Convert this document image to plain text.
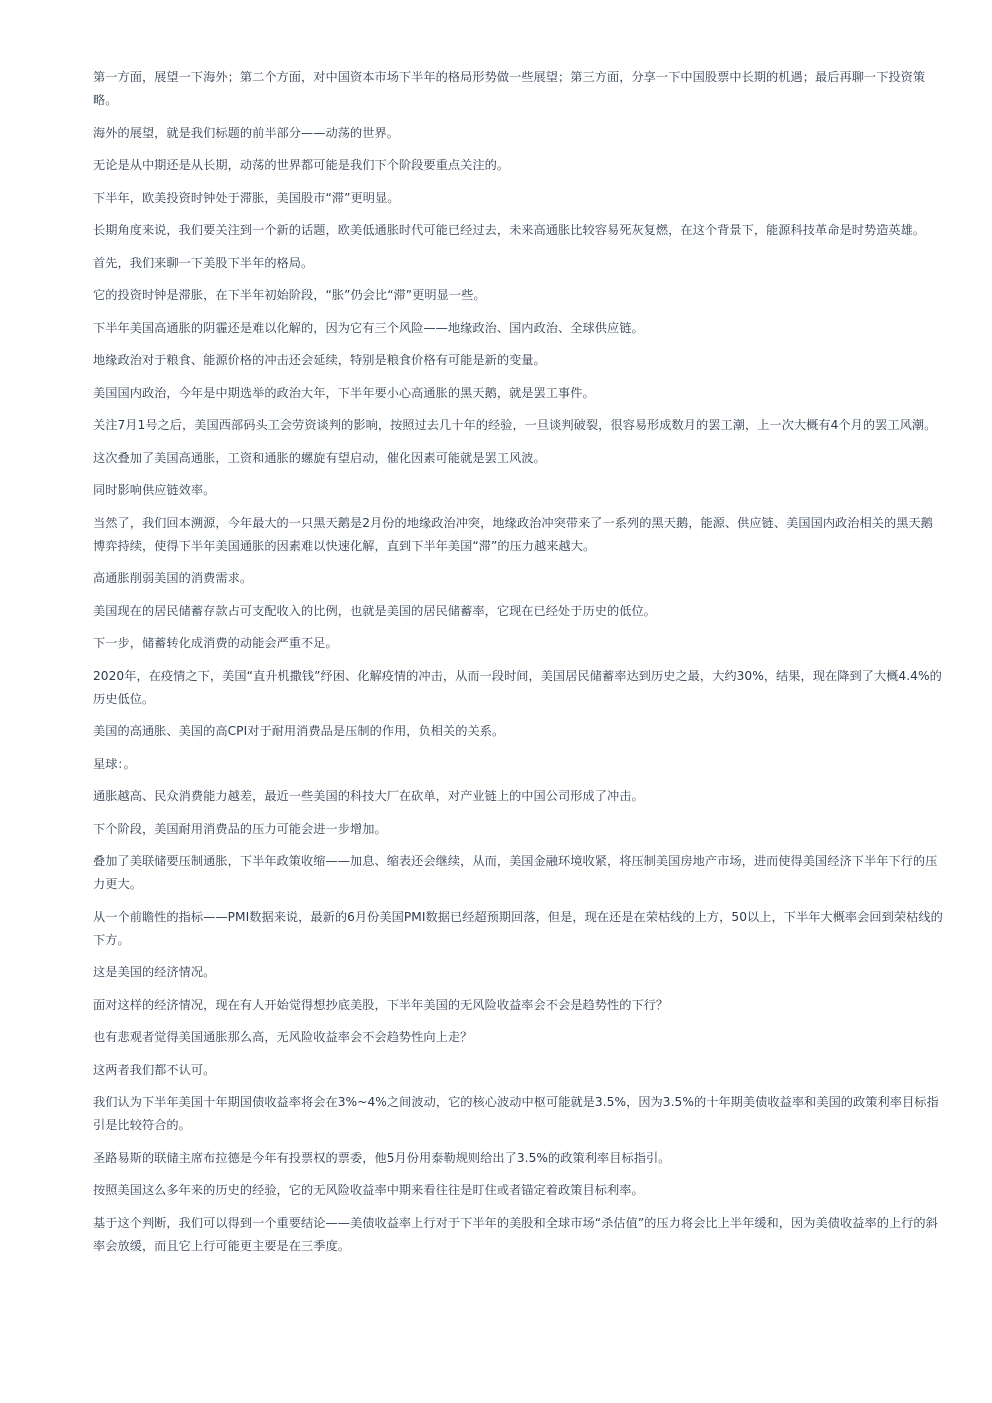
第一方面，展望一下海外；第二个方面，对中国资本市场下半年的格局形势做一些展望；第三方面，分享一下中国股票中长期的机遇；最后再聊一下投资策略。

海外的展望，就是我们标题的前半部分——动荡的世界。

无论是从中期还是从长期，动荡的世界都可能是我们下个阶段要重点关注的。

下半年，欧美投资时钟处于滞胀，美国股市“滞”更明显。

长期角度来说，我们要关注到一个新的话题，欧美低通胀时代可能已经过去，未来高通胀比较容易死灰复燃，在这个背景下，能源科技革命是时势造英雄。

首先，我们来聊一下美股下半年的格局。

它的投资时钟是滞胀，在下半年初始阶段，“胀”仍会比“滞”更明显一些。

下半年美国高通胀的阴霾还是难以化解的，因为它有三个风险——地缘政治、国内政治、全球供应链。

地缘政治对于粮食、能源价格的冲击还会延续，特别是粮食价格有可能是新的变量。

美国国内政治，今年是中期选举的政治大年，下半年要小心高通胀的黑天鹅，就是罢工事件。

关注7月1号之后，美国西部码头工会劳资谈判的影响，按照过去几十年的经验，一旦谈判破裂，很容易形成数月的罢工潮，上一次大概有4个月的罢工风潮。

这次叠加了美国高通胀，工资和通胀的螺旋有望启动，催化因素可能就是罢工风波。

同时影响供应链效率。

当然了，我们回本溯源，今年最大的一只黑天鹅是2月份的地缘政治冲突，地缘政治冲突带来了一系列的黑天鹅，能源、供应链、美国国内政治相关的黑天鹅博弈持续，使得下半年美国通胀的因素难以快速化解，直到下半年美国“滞”的压力越来越大。

高通胀削弱美国的消费需求。

美国现在的居民储蓄存款占可支配收入的比例，也就是美国的居民储蓄率，它现在已经处于历史的低位。

下一步，储蓄转化成消费的动能会严重不足。

2020年，在疫情之下，美国“直升机撒钱”纾困、化解疫情的冲击，从而一段时间，美国居民储蓄率达到历史之最，大约30%，结果，现在降到了大概4.4%的历史低位。

美国的高通胀、美国的高CPI对于耐用消费品是压制的作用，负相关的关系。

星球：。

通胀越高、民众消费能力越差，最近一些美国的科技大厂在砍单，对产业链上的中国公司形成了冲击。

下个阶段，美国耐用消费品的压力可能会进一步增加。

叠加了美联储要压制通胀，下半年政策收缩——加息、缩表还会继续，从而，美国金融环境收紧，将压制美国房地产市场，进而使得美国经济下半年下行的压力更大。

从一个前瞻性的指标——PMI数据来说，最新的6月份美国PMI数据已经超预期回落，但是，现在还是在荣枯线的上方，50以上，下半年大概率会回到荣枯线的下方。

这是美国的经济情况。

面对这样的经济情况，现在有人开始觉得想抄底美股，下半年美国的无风险收益率会不会是趋势性的下行？

也有悲观者觉得美国通胀那么高，无风险收益率会不会趋势性向上走？

这两者我们都不认可。

我们认为下半年美国十年期国债收益率将会在3%~4%之间波动，它的核心波动中枢可能就是3.5%，因为3.5%的十年期美债收益率和美国的政策利率目标指引是比较符合的。

圣路易斯的联储主席布拉德是今年有投票权的票委，他5月份用泰勒规则给出了3.5%的政策利率目标指引。

按照美国这么多年来的历史的经验，它的无风险收益率中期来看往往是盯住或者锚定着政策目标利率。

基于这个判断，我们可以得到一个重要结论——美债收益率上行对于下半年的美股和全球市场“杀估值”的压力将会比上半年缓和，因为美债收益率的上行的斜率会放缓，而且它上行可能更主要是在三季度。
